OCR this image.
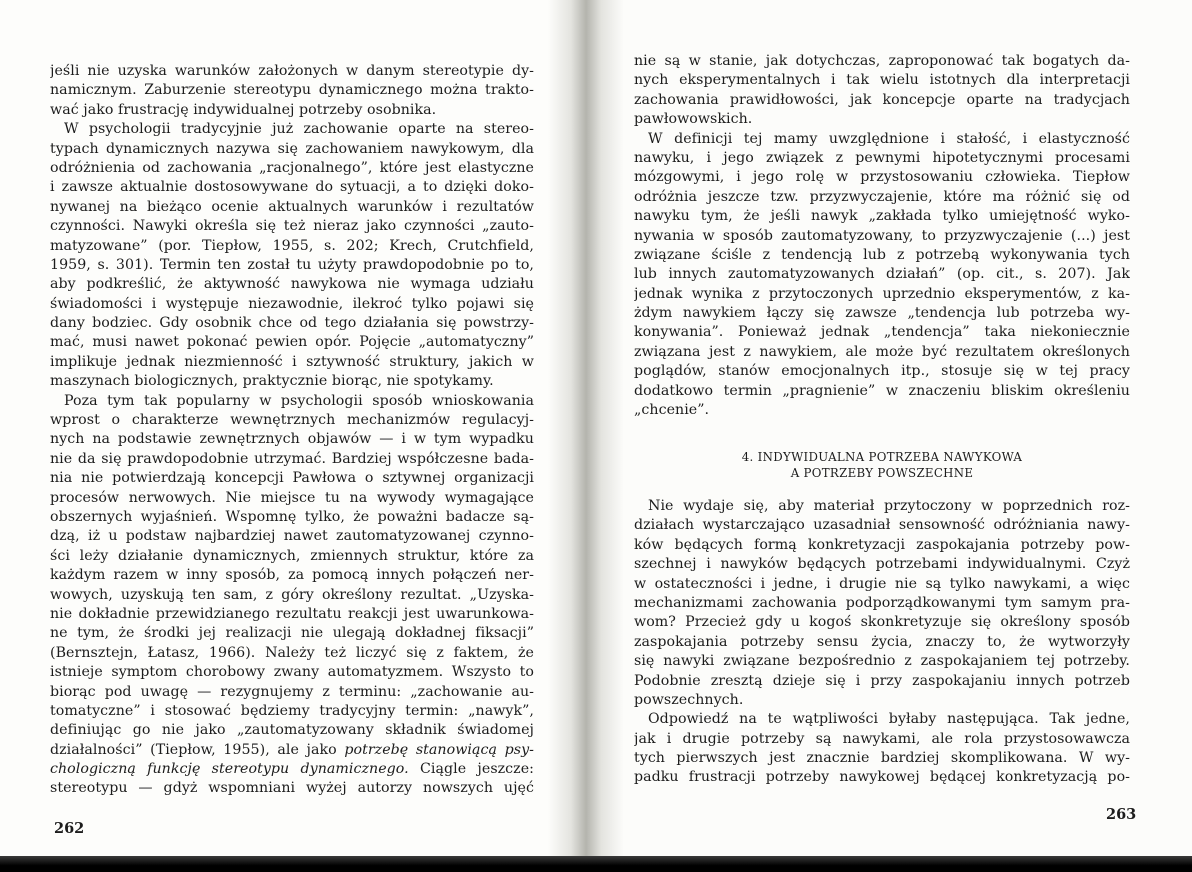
jeśli nie uzyska warunków założonych w danym stereotypie dy-
namicznym. Zaburzenie stereotypu dynamicznego można trakto-
wać jako frustrację indywidualnej potrzeby osobnika.
W psychologii tradycyjnie już zachowanie oparte na stereo-
typach dynamicznych nazywa się zachowaniem nawykowym, dla
odróżnienia od zachowania „racjonalnego”, które jest elastyczne
i zawsze aktualnie dostosowywane do sytuacji, a to dzięki doko-
nywanej na bieżąco ocenie aktualnych warunków i rezultatów
czynności. Nawyki określa się też nieraz jako czynności „zauto-
matyzowane” (por. Tiepłow, 1955, s. 202; Krech, Crutchfield,
1959, s. 301). Termin ten został tu użyty prawdopodobnie po to,
aby podkreślić, że aktywność nawykowa nie wymaga udziału
świadomości i występuje niezawodnie, ilekroć tylko pojawi się
dany bodziec. Gdy osobnik chce od tego działania się powstrzy-
mać, musi nawet pokonać pewien opór. Pojęcie „automatyczny”
implikuje jednak niezmienność i sztywność struktury, jakich w
maszynach biologicznych, praktycznie biorąc, nie spotykamy.
Poza tym tak popularny w psychologii sposób wnioskowania
wprost o charakterze wewnętrznych mechanizmów regulacyj-
nych na podstawie zewnętrznych objawów — i w tym wypadku
nie da się prawdopodobnie utrzymać. Bardziej współczesne bada-
nia nie potwierdzają koncepcji Pawłowa o sztywnej organizacji
procesów nerwowych. Nie miejsce tu na wywody wymagające
obszernych wyjaśnień. Wspomnę tylko, że poważni badacze są-
dzą, iż u podstaw najbardziej nawet zautomatyzowanej czynno-
ści leży działanie dynamicznych, zmiennych struktur, które za
każdym razem w inny sposób, za pomocą innych połączeń ner-
wowych, uzyskują ten sam, z góry określony rezultat. „Uzyska-
nie dokładnie przewidzianego rezultatu reakcji jest uwarunkowa-
ne tym, że środki jej realizacji nie ulegają dokładnej fiksacji”
(Bernsztejn, Łatasz, 1966). Należy też liczyć się z faktem, że
istnieje symptom chorobowy zwany automatyzmem. Wszysto to
biorąc pod uwagę — rezygnujemy z terminu: „zachowanie au-
tomatyczne” i stosować będziemy tradycyjny termin: „nawyk”,
definiując go nie jako „zautomatyzowany składnik świadomej
działalności” (Tiepłow, 1955), ale jako potrzebę stanowiącą psy-
chologiczną funkcję stereotypu dynamicznego. Ciągle jeszcze:
stereotypu — gdyż wspomniani wyżej autorzy nowszych ujęć
262
nie są w stanie, jak dotychczas, zaproponować tak bogatych da-
nych eksperymentalnych i tak wielu istotnych dla interpretacji
zachowania prawidłowości, jak koncepcje oparte na tradycjach
pawłowowskich.
W definicji tej mamy uwzględnione i stałość, i elastyczność
nawyku, i jego związek z pewnymi hipotetycznymi procesami
mózgowymi, i jego rolę w przystosowaniu człowieka. Tiepłow
odróżnia jeszcze tzw. przyzwyczajenie, które ma różnić się od
nawyku tym, że jeśli nawyk „zakłada tylko umiejętność wyko-
nywania w sposób zautomatyzowany, to przyzwyczajenie (...) jest
związane ściśle z tendencją lub z potrzebą wykonywania tych
lub innych zautomatyzowanych działań” (op. cit., s. 207). Jak
jednak wynika z przytoczonych uprzednio eksperymentów, z ka-
żdym nawykiem łączy się zawsze „tendencja lub potrzeba wy-
konywania”. Ponieważ jednak „tendencja” taka niekoniecznie
związana jest z nawykiem, ale może być rezultatem określonych
poglądów, stanów emocjonalnych itp., stosuje się w tej pracy
dodatkowo termin „pragnienie” w znaczeniu bliskim określeniu
„chcenie”.
4. INDYWIDUALNA POTRZEBA NAWYKOWA
A POTRZEBY POWSZECHNE
Nie wydaje się, aby materiał przytoczony w poprzednich roz-
działach wystarczająco uzasadniał sensowność odróżniania nawy-
ków będących formą konkretyzacji zaspokajania potrzeby pow-
szechnej i nawyków będących potrzebami indywidualnymi. Czyż
w ostateczności i jedne, i drugie nie są tylko nawykami, a więc
mechanizmami zachowania podporządkowanymi tym samym pra-
wom? Przecież gdy u kogoś skonkretyzuje się określony sposób
zaspokajania potrzeby sensu życia, znaczy to, że wytworzyły
się nawyki związane bezpośrednio z zaspokajaniem tej potrzeby.
Podobnie zresztą dzieje się i przy zaspokajaniu innych potrzeb
powszechnych.
Odpowiedź na te wątpliwości byłaby następująca. Tak jedne,
jak i drugie potrzeby są nawykami, ale rola przystosowawcza
tych pierwszych jest znacznie bardziej skomplikowana. W wy-
padku frustracji potrzeby nawykowej będącej konkretyzacją po-
263
